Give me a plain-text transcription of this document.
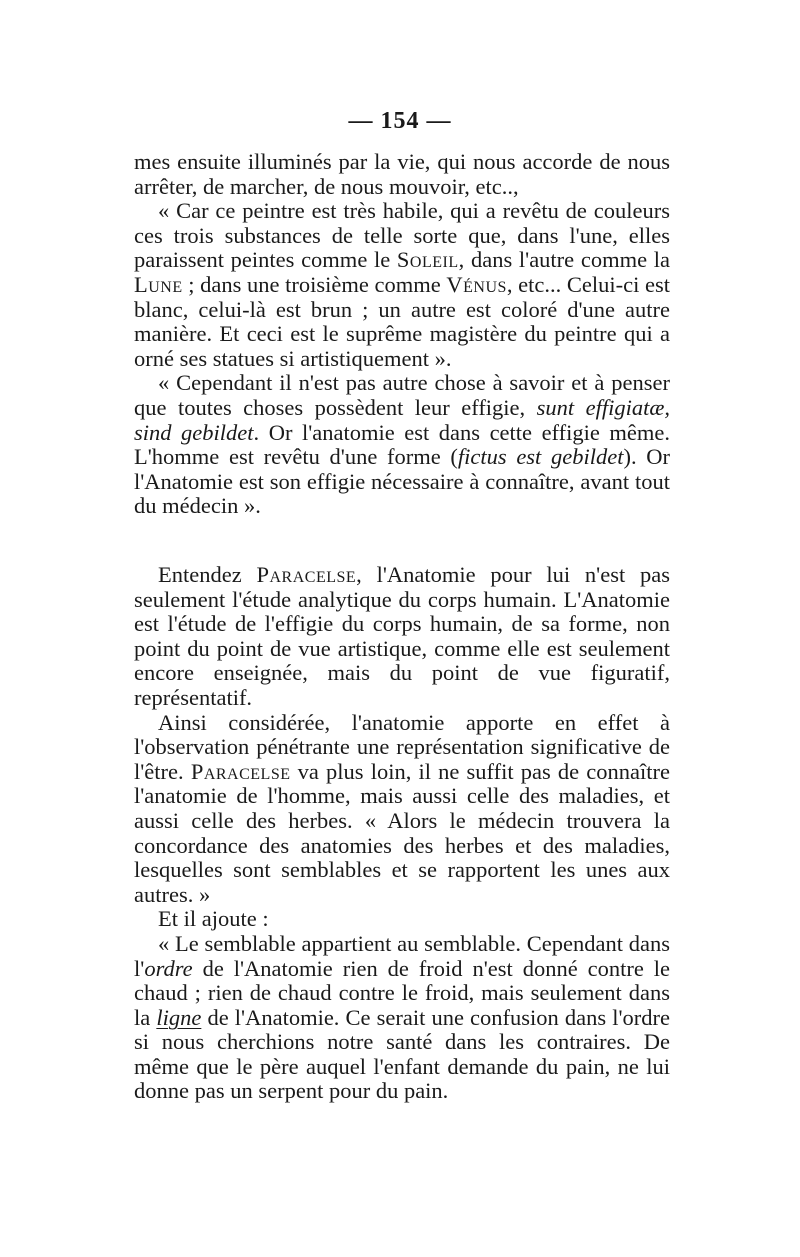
— 154 —

mes ensuite illuminés par la vie, qui nous accorde de nous arrêter, de marcher, de nous mouvoir, etc..,

« Car ce peintre est très habile, qui a revêtu de couleurs ces trois substances de telle sorte que, dans l'une, elles paraissent peintes comme le Soleil, dans l'autre comme la Lune ; dans une troisième comme Vénus, etc... Celui-ci est blanc, celui-là est brun ; un autre est coloré d'une autre manière. Et ceci est le suprême magistère du peintre qui a orné ses statues si artistiquement ».

« Cependant il n'est pas autre chose à savoir et à penser que toutes choses possèdent leur effigie, sunt effigiatæ, sind gebildet. Or l'anatomie est dans cette effigie même. L'homme est revêtu d'une forme (fictus est gebildet). Or l'Anatomie est son effigie nécessaire à connaître, avant tout du médecin ».

Entendez Paracelse, l'Anatomie pour lui n'est pas seulement l'étude analytique du corps humain. L'Anatomie est l'étude de l'effigie du corps humain, de sa forme, non point du point de vue artistique, comme elle est seulement encore enseignée, mais du point de vue figuratif, représentatif.

Ainsi considérée, l'anatomie apporte en effet à l'observation pénétrante une représentation significative de l'être. Paracelse va plus loin, il ne suffit pas de connaître l'anatomie de l'homme, mais aussi celle des maladies, et aussi celle des herbes. « Alors le médecin trouvera la concordance des anatomies des herbes et des maladies, lesquelles sont semblables et se rapportent les unes aux autres. »

Et il ajoute :

« Le semblable appartient au semblable. Cependant dans l'ordre de l'Anatomie rien de froid n'est donné contre le chaud ; rien de chaud contre le froid, mais seulement dans la ligne de l'Anatomie. Ce serait une confusion dans l'ordre si nous cherchions notre santé dans les contraires. De même que le père auquel l'enfant demande du pain, ne lui donne pas un serpent pour du pain.
